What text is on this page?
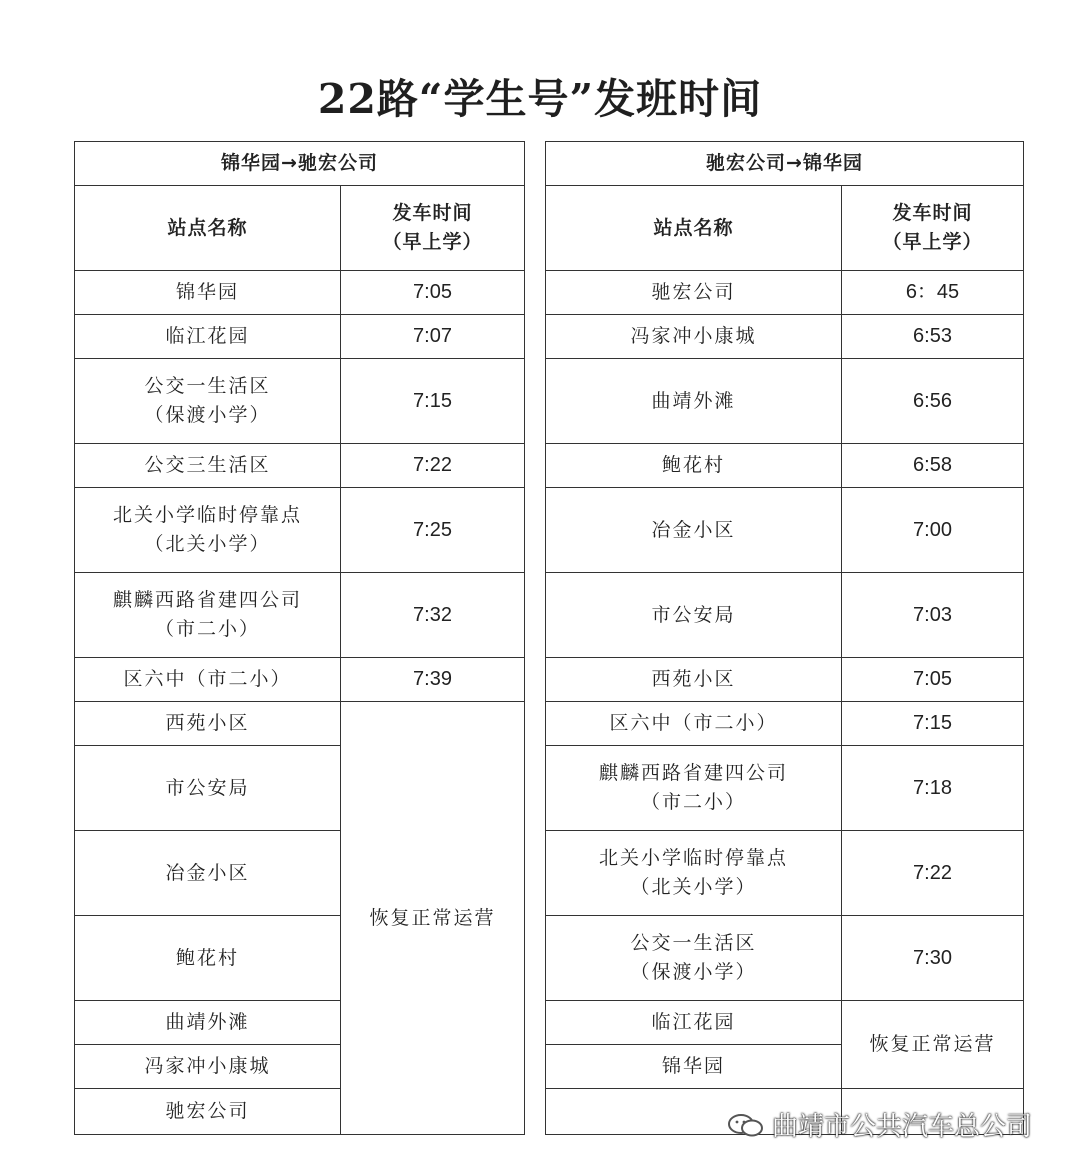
22路“学生号”发班时间
锦华园→驰宏公司	
站点名称	发车时间
（早上学）

锦华园	7:05

临江花园	7:07

公交一生活区
（保渡小学）	7:15

公交三生活区	7:22

北关小学临时停靠点
（北关小学）	7:25

麒麟西路省建四公司
（市二小）	7:32

区六中（市二小）	7:39

西苑小区	恢复正常运营

市公安局	

冶金小区	

鲍花村	

曲靖外滩	

冯家冲小康城	

驰宏公司	
驰宏公司→锦华园	
站点名称	发车时间
（早上学）

驰宏公司	6：45

冯家冲小康城	6:53

曲靖外滩	6:56

鲍花村	6:58

冶金小区	7:00

市公安局	7:03

西苑小区	7:05

区六中（市二小）	7:15

麒麟西路省建四公司
（市二小）	7:18

北关小学临时停靠点
（北关小学）	7:22

公交一生活区
（保渡小学）	7:30

临江花园	恢复正常运营

锦华园	

曲靖市公共汽车总公司
